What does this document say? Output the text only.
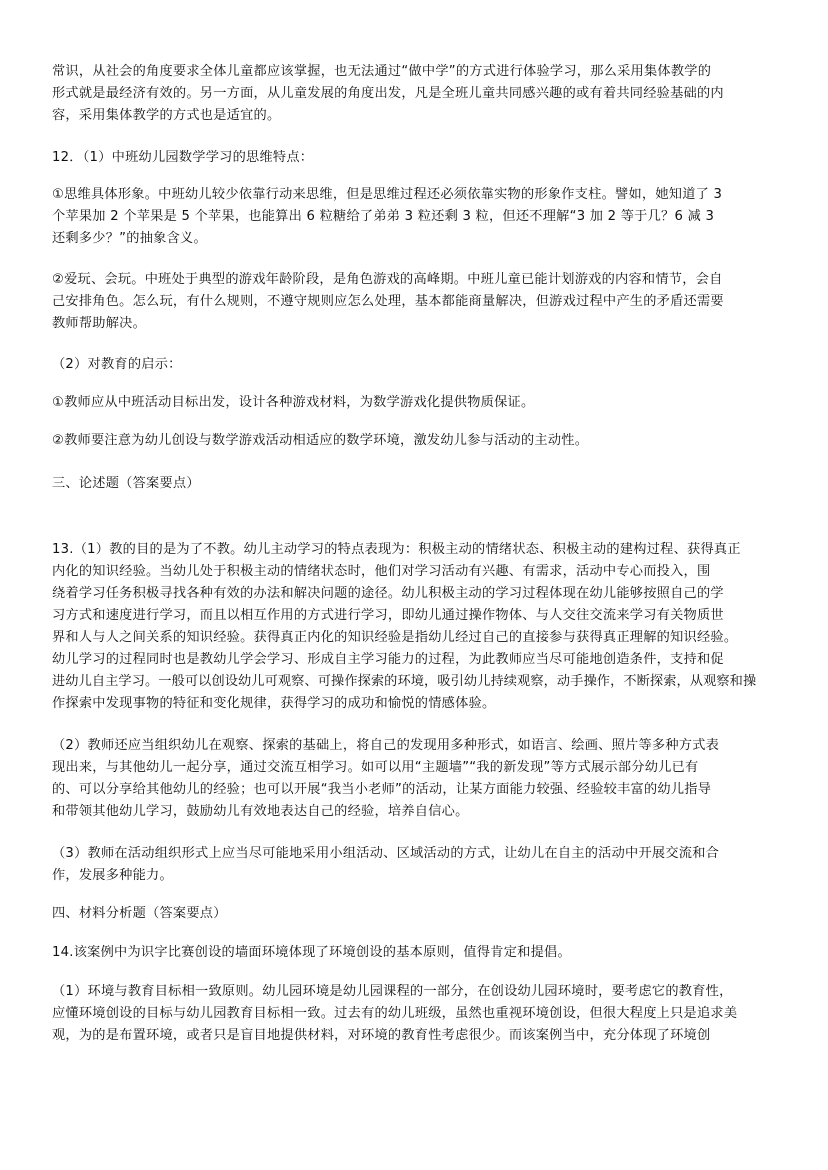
常识，从社会的角度要求全体儿童都应该掌握，也无法通过“做中学”的方式进行体验学习，那么采用集体教学的
形式就是最经济有效的。另一方面，从儿童发展的角度出发，凡是全班儿童共同感兴趣的或有着共同经验基础的内
容，采用集体教学的方式也是适宜的。
12．（1）中班幼儿园数学学习的思维特点：
①思维具体形象。中班幼儿较少依靠行动来思维，但是思维过程还必须依靠实物的形象作支柱。譬如，她知道了 3
个苹果加 2 个苹果是 5 个苹果，也能算出 6 粒糖给了弟弟 3 粒还剩 3 粒，但还不理解“3 加 2 等于几？6 减 3
还剩多少？”的抽象含义。
②爱玩、会玩。中班处于典型的游戏年龄阶段，是角色游戏的高峰期。中班儿童已能计划游戏的内容和情节，会自
己安排角色。怎么玩，有什么规则，不遵守规则应怎么处理，基本都能商量解决，但游戏过程中产生的矛盾还需要
教师帮助解决。
（2）对教育的启示：
①教师应从中班活动目标出发，设计各种游戏材料，为数学游戏化提供物质保证。
②教师要注意为幼儿创设与数学游戏活动相适应的数学环境，激发幼儿参与活动的主动性。
三、论述题（答案要点）
13.（1）教的目的是为了不教。幼儿主动学习的特点表现为：积极主动的情绪状态、积极主动的建构过程、获得真正
内化的知识经验。当幼儿处于积极主动的情绪状态时，他们对学习活动有兴趣、有需求，活动中专心而投入，围
绕着学习任务积极寻找各种有效的办法和解决问题的途径。幼儿积极主动的学习过程体现在幼儿能够按照自己的学
习方式和速度进行学习，而且以相互作用的方式进行学习，即幼儿通过操作物体、与人交往交流来学习有关物质世
界和人与人之间关系的知识经验。获得真正内化的知识经验是指幼儿经过自己的直接参与获得真正理解的知识经验。
幼儿学习的过程同时也是教幼儿学会学习、形成自主学习能力的过程，为此教师应当尽可能地创造条件，支持和促
进幼儿自主学习。一般可以创设幼儿可观察、可操作探索的环境，吸引幼儿持续观察，动手操作，不断探索，从观察和操
作探索中发现事物的特征和变化规律，获得学习的成功和愉悦的情感体验。
（2）教师还应当组织幼儿在观察、探索的基础上，将自己的发现用多种形式，如语言、绘画、照片等多种方式表
现出来，与其他幼儿一起分享，通过交流互相学习。如可以用“主题墙”“我的新发现”等方式展示部分幼儿已有
的、可以分享给其他幼儿的经验；也可以开展“我当小老师”的活动，让某方面能力较强、经验较丰富的幼儿指导
和带领其他幼儿学习，鼓励幼儿有效地表达自己的经验，培养自信心。
（3）教师在活动组织形式上应当尽可能地采用小组活动、区域活动的方式，让幼儿在自主的活动中开展交流和合
作，发展多种能力。
四、材料分析题（答案要点）
14.该案例中为识字比赛创设的墙面环境体现了环境创设的基本原则，值得肯定和提倡。
（1）环境与教育目标相一致原则。幼儿园环境是幼儿园课程的一部分，在创设幼儿园环境时，要考虑它的教育性，
应懂环境创设的目标与幼儿园教育目标相一致。过去有的幼儿班级，虽然也重视环境创设，但很大程度上只是追求美
观，为的是布置环境，或者只是盲目地提供材料，对环境的教育性考虑很少。而该案例当中，充分体现了环境创
